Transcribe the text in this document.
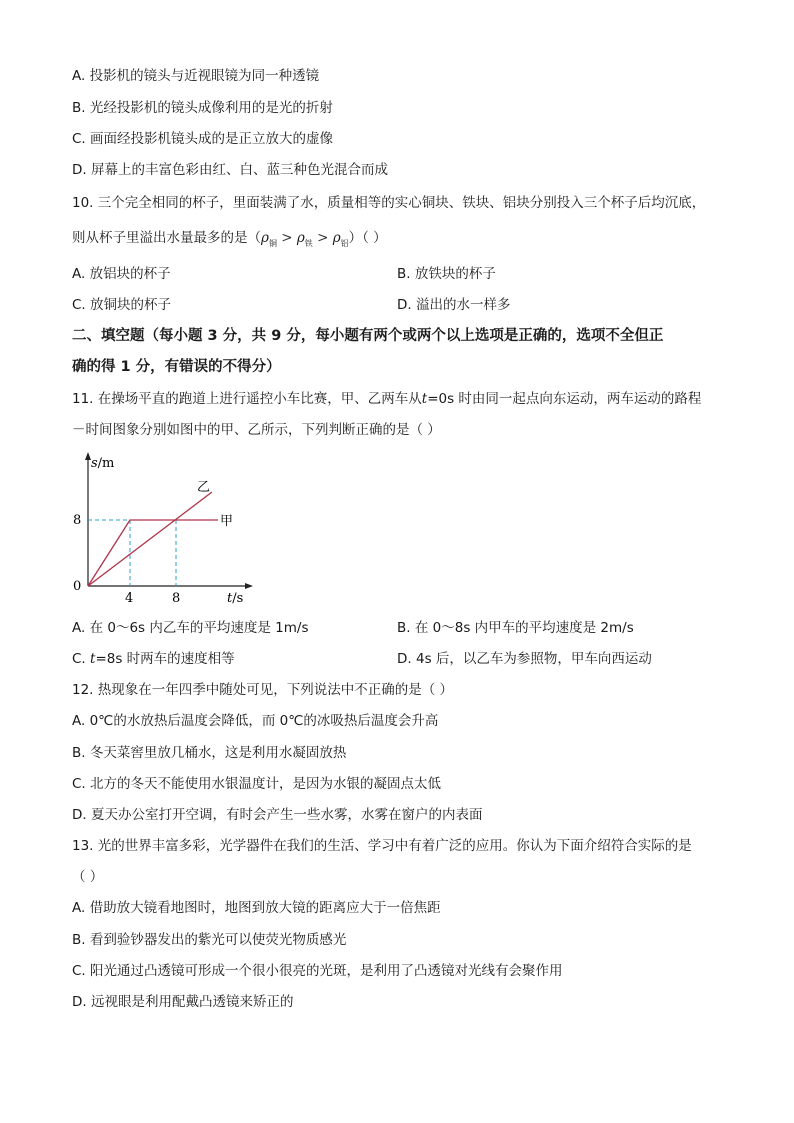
A. 投影机的镜头与近视眼镜为同一种透镜
B. 光经投影机的镜头成像利用的是光的折射
C. 画面经投影机镜头成的是正立放大的虚像
D. 屏幕上的丰富色彩由红、白、蓝三种色光混合而成
10. 三个完全相同的杯子，里面装满了水，质量相等的实心铜块、铁块、铝块分别投入三个杯子后均沉底，
则从杯子里溢出水量最多的是$(\rho_铜 > \rho_铁 > \rho_铝)$（ ）
A. 放铝块的杯子	B. 放铁块的杯子
C. 放铜块的杯子	D. 溢出的水一样多
二、填空题（每小题 3 分，共 9 分，每小题有两个或两个以上选项是正确的，选项不全但正
确的得 1 分，有错误的不得分）
11. 在操场平直的跑道上进行遥控小车比赛，甲、乙两车从t=0s 时由同一起点向东运动，两车运动的路程
－时间图象分别如图中的甲、乙所示，下列判断正确的是（ ）
s/m
t/s
0
8
4	8
甲
乙
A. 在 0～6s 内乙车的平均速度是 1m/s	B. 在 0～8s 内甲车的平均速度是 2m/s
C. t=8s 时两车的速度相等	D. 4s 后，以乙车为参照物，甲车向西运动
12. 热现象在一年四季中随处可见，下列说法中不正确的是（ ）
A. 0℃的水放热后温度会降低，而 0℃的冰吸热后温度会升高
B. 冬天菜窖里放几桶水，这是利用水凝固放热
C. 北方的冬天不能使用水银温度计，是因为水银的凝固点太低
D. 夏天办公室打开空调，有时会产生一些水雾，水雾在窗户的内表面
13. 光的世界丰富多彩，光学器件在我们的生活、学习中有着广泛的应用。你认为下面介绍符合实际的是
（ ）
A. 借助放大镜看地图时，地图到放大镜的距离应大于一倍焦距
B. 看到验钞器发出的紫光可以使荧光物质感光
C. 阳光通过凸透镜可形成一个很小很亮的光斑，是利用了凸透镜对光线有会聚作用
D. 远视眼是利用配戴凸透镜来矫正的
